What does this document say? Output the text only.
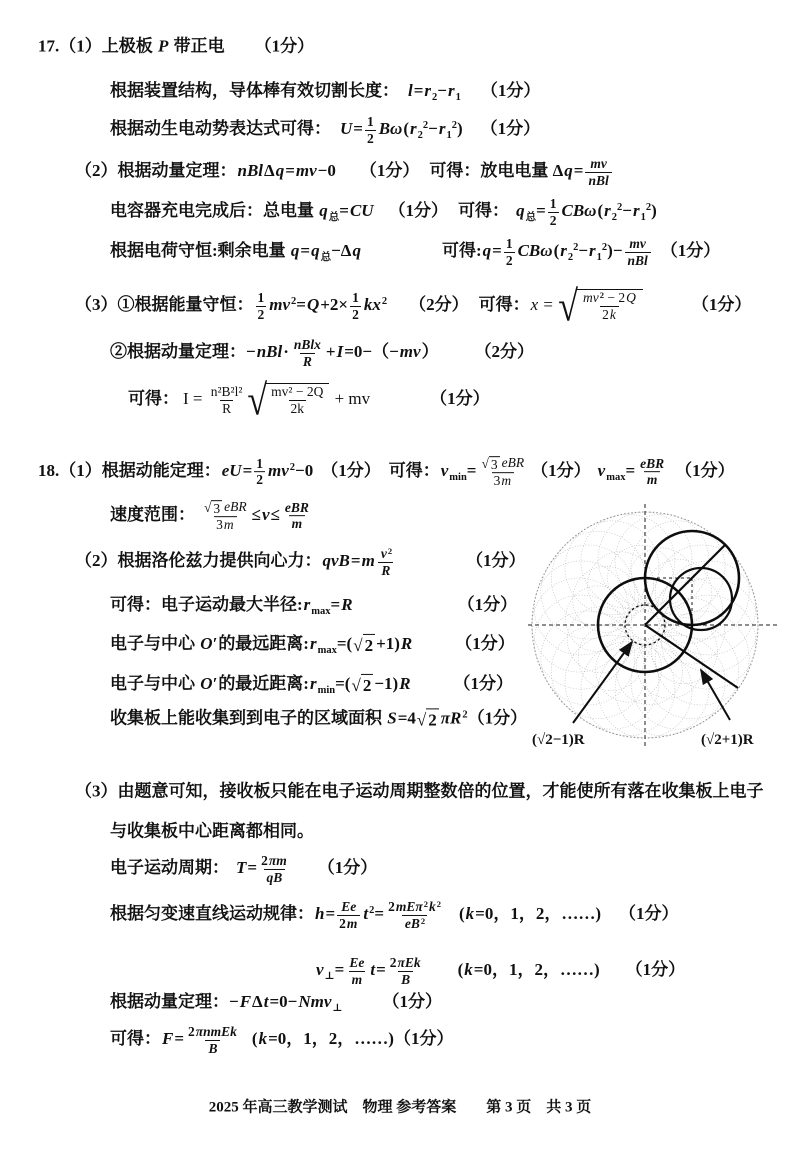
17.（1）上极板 P 带正电 （1分）
根据装置结构，导体棒有效切割长度： $l=r_2-r_1$ （1分）
根据动生电动势表达式可得： $U= \frac{1}{2} B\omega(r_2^2-r_1^2)$ （1分）
（2）根据动量定理：nBlΔq=mv−0 （1分） 可得：放电电量 $\Delta q= \frac{mv}{\text{nBl}}$
电容器充电完成后：总电量 $q_总=CU$ （1分） 可得： $q_总= \frac{1}{2} CB\omega(r_2^2-r_1^2)$
根据电荷守恒:剩余电量 $q=q_总-\Delta q$	可得:q= $\frac{1}{2} CB\omega(r_2^2-r_1^2)- \frac{mv}{\text{nBl}} (1$分）
（3）①根据能量守恒： $\frac{1}{2} mv^2=Q+2\times \frac{1}{2} kx^2$ （2分） 可得：x = √ $\frac{mv^2 - 2Q}{2k}$	（1分）
②根据动量定理：$-nBl\cdot \frac{\text{nBlx}}{R} +I=0-(-mv)$ （2分）
可得： $I = \frac{\text{n²B²l²}}{R}$ √ $\frac{\text{mv² − 2Q}}{2k}$ + mv	（1分）
18.（1）根据动能定理：$eU= \frac{1}{2} mv^2-0$ （1分） 可得：$v_{min}= \frac{\text{√ 3 eBR}}{3m} (1$分） $v_{max}= \frac{\text{eBR}}{m} (1$分）
速度范围： $\frac{\text{√ 3 eBR}}{3m} \le v\le \frac{\text{eBR}}{m}$
（2）根据洛伦兹力提供向心力：$qvB=m \frac{v^2}{R}$	（1分）
可得：电子运动最大半径$:r_{max}=R$	（1分）
电子与中心 O′的最远距离$:r_{max}=$( √ 2 +1)R	（1分）
电子与中心 O′的最近距离$:r_{min}=$( √ 2 −1)R	（1分）
收集板上能收集到到电子的区域面积 S=4 √ 2 $\pi R^2(1$分）
（3）由题意可知，接收板只能在电子运动周期整数倍的位置，才能使所有落在收集板上电子
与收集板中心距离都相同。
电子运动周期： $T= \frac{2\pi m}{qB} (1$分）
根据匀变速直线运动规律：$h= \frac{Ee}{2m} t^2= \frac{2mE\pi^2k^2}{eB^2} (k=0$，1，2，……) （1分）
$v_\perp= \frac{Ee}{m} t= \frac{\text{2πEk}}{B} (k=0$，1，2，……) （1分）
根据动量定理：−FΔt=0−Nmv$_\perp$ （1分）
可得：$F= \frac{\text{2πnmEk}}{B} (k=0$，1，2，……)（1分）
(√2−1)R	(√2+1)R
2025 年高三教学测试　物理 参考答案　　第 3 页　共 3 页
